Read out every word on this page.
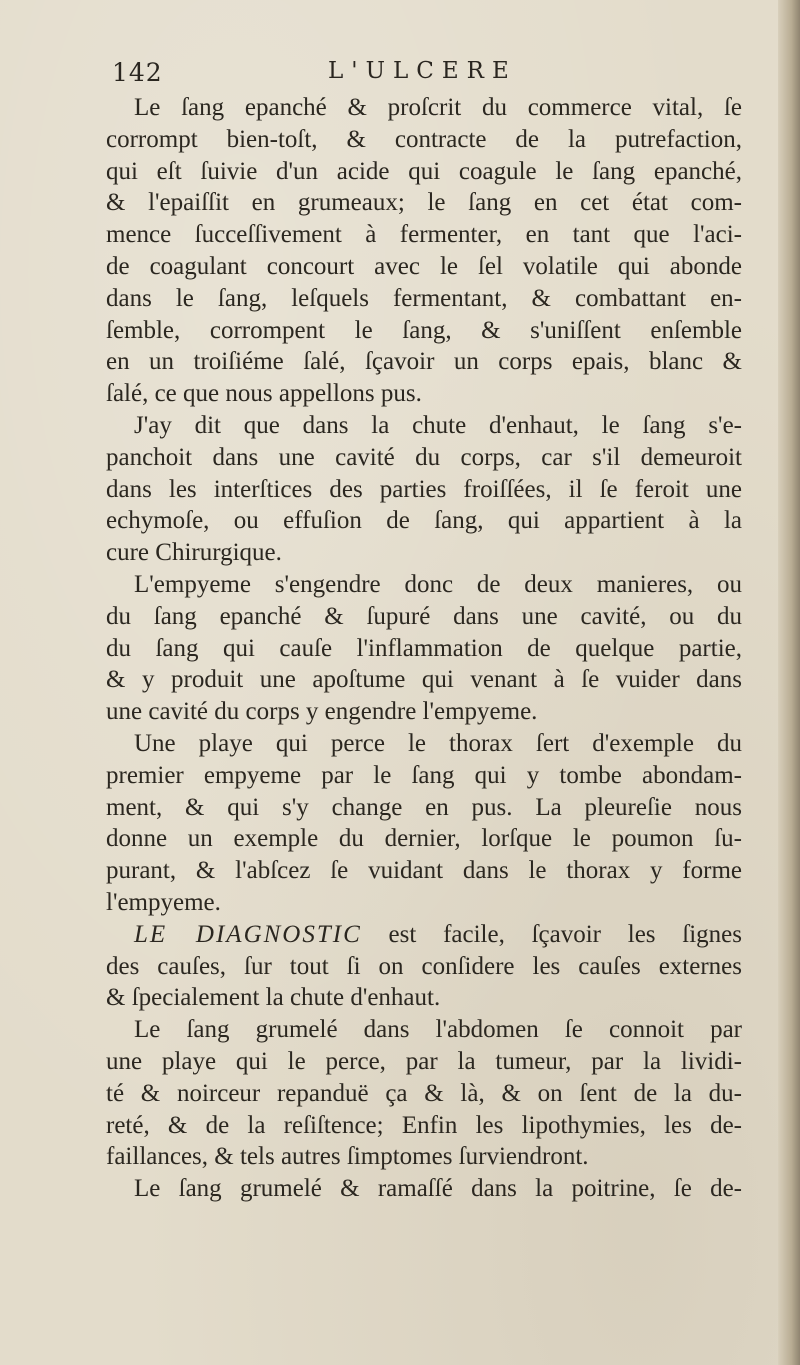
142	L'ULCERE
Le ſang epanché & proſcrit du commerce vital, ſe
corrompt bien-toſt, & contracte de la putrefaction,
qui eſt ſuivie d'un acide qui coagule le ſang epanché,
& l'epaiſſit en grumeaux; le ſang en cet état com-
mence ſucceſſivement à fermenter, en tant que l'aci-
de coagulant concourt avec le ſel volatile qui abonde
dans le ſang, leſquels fermentant, & combattant en-
ſemble, corrompent le ſang, & s'uniſſent enſemble
en un troiſiéme ſalé, ſçavoir un corps epais, blanc &
ſalé, ce que nous appellons pus.
J'ay dit que dans la chute d'enhaut, le ſang s'e-
panchoit dans une cavité du corps, car s'il demeuroit
dans les interſtices des parties froiſſées, il ſe feroit une
echymoſe, ou effuſion de ſang, qui appartient à la
cure Chirurgique.
L'empyeme s'engendre donc de deux manieres, ou
du ſang epanché & ſupuré dans une cavité, ou du
du ſang qui cauſe l'inflammation de quelque partie,
& y produit une apoſtume qui venant à ſe vuider dans
une cavité du corps y engendre l'empyeme.
Une playe qui perce le thorax ſert d'exemple du
premier empyeme par le ſang qui y tombe abondam-
ment, & qui s'y change en pus. La pleureſie nous
donne un exemple du dernier, lorſque le poumon ſu-
purant, & l'abſcez ſe vuidant dans le thorax y forme
l'empyeme.
LE DIAGNOSTIC est facile, ſçavoir les ſignes
des cauſes, ſur tout ſi on conſidere les cauſes externes
& ſpecialement la chute d'enhaut.
Le ſang grumelé dans l'abdomen ſe connoit par
une playe qui le perce, par la tumeur, par la lividi-
té & noirceur repanduë ça & là, & on ſent de la du-
reté, & de la reſiſtence; Enfin les lipothymies, les de-
faillances, & tels autres ſimptomes ſurviendront.
Le ſang grumelé & ramaſſé dans la poitrine, ſe de-
